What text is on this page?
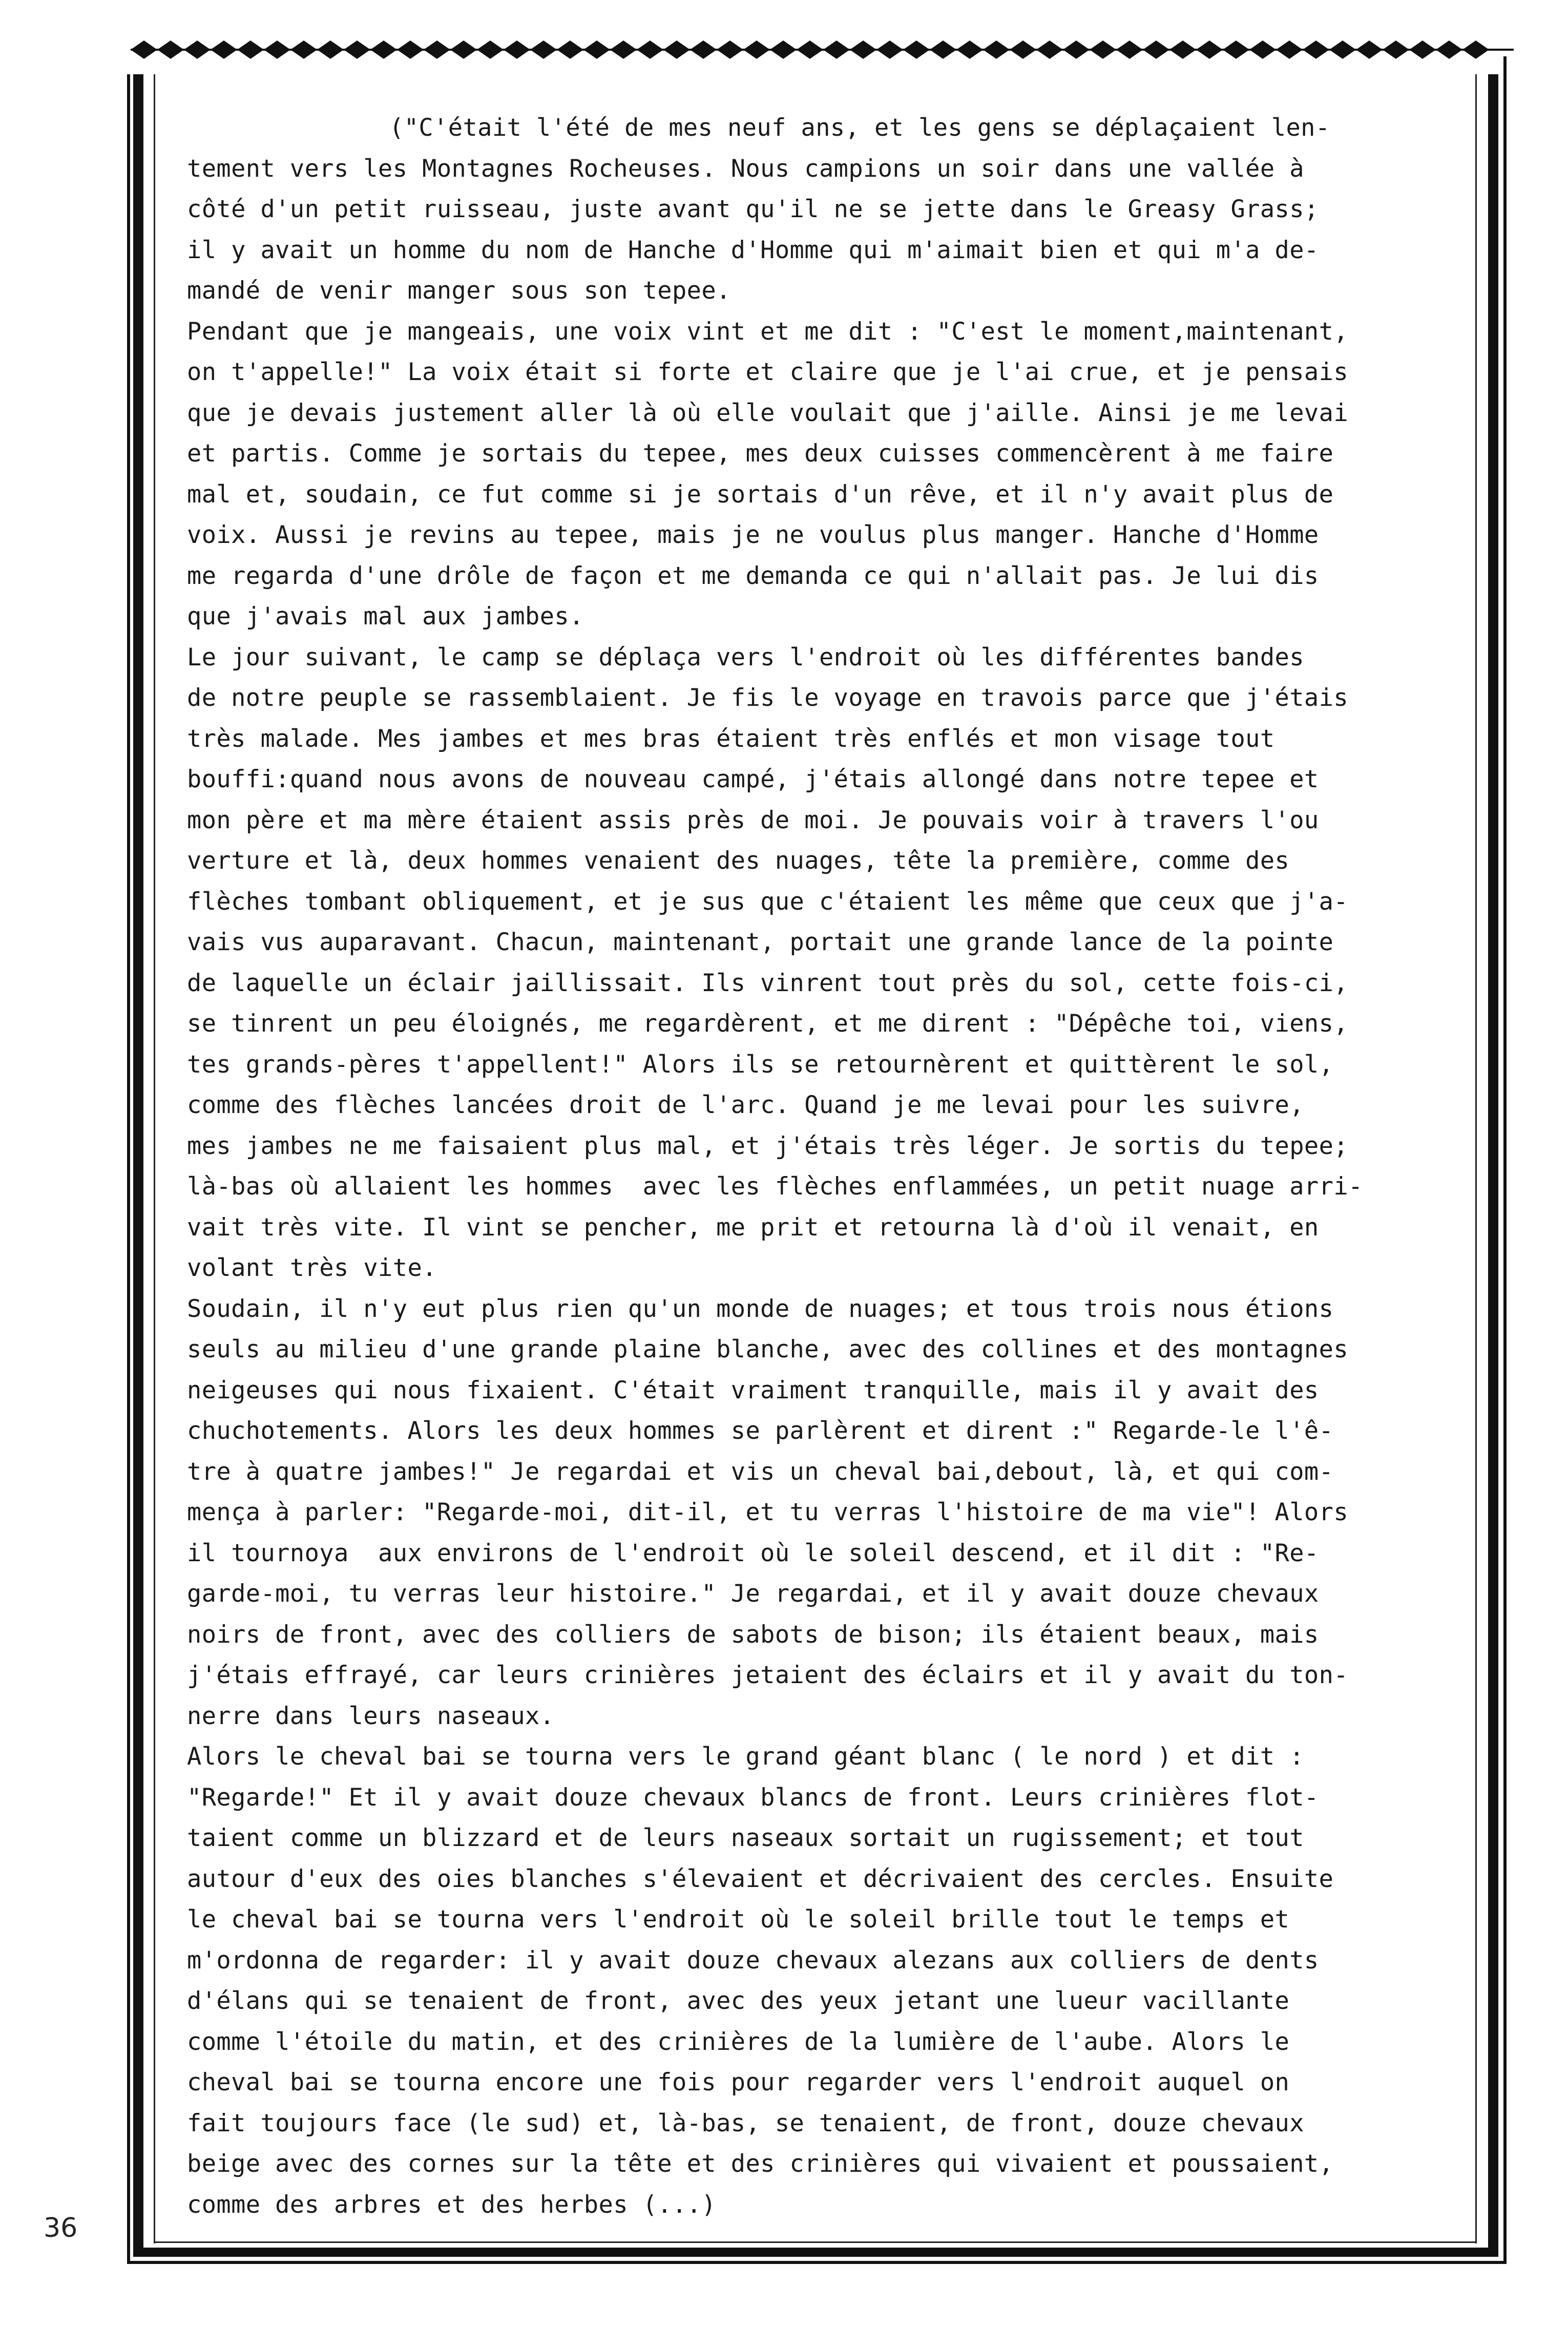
("C'était l'été de mes neuf ans, et les gens se déplaçaient len-
tement vers les Montagnes Rocheuses. Nous campions un soir dans une vallée à
côté d'un petit ruisseau, juste avant qu'il ne se jette dans le Greasy Grass;
il y avait un homme du nom de Hanche d'Homme qui m'aimait bien et qui m'a de-
mandé de venir manger sous son tepee.
Pendant que je mangeais, une voix vint et me dit : "C'est le moment,maintenant,
on t'appelle!" La voix était si forte et claire que je l'ai crue, et je pensais
que je devais justement aller là où elle voulait que j'aille. Ainsi je me levai
et partis. Comme je sortais du tepee, mes deux cuisses commencèrent à me faire
mal et, soudain, ce fut comme si je sortais d'un rêve, et il n'y avait plus de
voix. Aussi je revins au tepee, mais je ne voulus plus manger. Hanche d'Homme
me regarda d'une drôle de façon et me demanda ce qui n'allait pas. Je lui dis
que j'avais mal aux jambes.
Le jour suivant, le camp se déplaça vers l'endroit où les différentes bandes
de notre peuple se rassemblaient. Je fis le voyage en travois parce que j'étais
très malade. Mes jambes et mes bras étaient très enflés et mon visage tout
bouffi:quand nous avons de nouveau campé, j'étais allongé dans notre tepee et
mon père et ma mère étaient assis près de moi. Je pouvais voir à travers l'ou
verture et là, deux hommes venaient des nuages, tête la première, comme des
flèches tombant obliquement, et je sus que c'étaient les même que ceux que j'a-
vais vus auparavant. Chacun, maintenant, portait une grande lance de la pointe
de laquelle un éclair jaillissait. Ils vinrent tout près du sol, cette fois-ci,
se tinrent un peu éloignés, me regardèrent, et me dirent : "Dépêche toi, viens,
tes grands-pères t'appellent!" Alors ils se retournèrent et quittèrent le sol,
comme des flèches lancées droit de l'arc. Quand je me levai pour les suivre,
mes jambes ne me faisaient plus mal, et j'étais très léger. Je sortis du tepee;
là-bas où allaient les hommes  avec les flèches enflammées, un petit nuage arri-
vait très vite. Il vint se pencher, me prit et retourna là d'où il venait, en
volant très vite.
Soudain, il n'y eut plus rien qu'un monde de nuages; et tous trois nous étions
seuls au milieu d'une grande plaine blanche, avec des collines et des montagnes
neigeuses qui nous fixaient. C'était vraiment tranquille, mais il y avait des
chuchotements. Alors les deux hommes se parlèrent et dirent :" Regarde-le l'ê-
tre à quatre jambes!" Je regardai et vis un cheval bai,debout, là, et qui com-
mença à parler: "Regarde-moi, dit-il, et tu verras l'histoire de ma vie"! Alors
il tournoya  aux environs de l'endroit où le soleil descend, et il dit : "Re-
garde-moi, tu verras leur histoire." Je regardai, et il y avait douze chevaux
noirs de front, avec des colliers de sabots de bison; ils étaient beaux, mais
j'étais effrayé, car leurs crinières jetaient des éclairs et il y avait du ton-
nerre dans leurs naseaux.
Alors le cheval bai se tourna vers le grand géant blanc ( le nord ) et dit :
"Regarde!" Et il y avait douze chevaux blancs de front. Leurs crinières flot-
taient comme un blizzard et de leurs naseaux sortait un rugissement; et tout
autour d'eux des oies blanches s'élevaient et décrivaient des cercles. Ensuite
le cheval bai se tourna vers l'endroit où le soleil brille tout le temps et
m'ordonna de regarder: il y avait douze chevaux alezans aux colliers de dents
d'élans qui se tenaient de front, avec des yeux jetant une lueur vacillante
comme l'étoile du matin, et des crinières de la lumière de l'aube. Alors le
cheval bai se tourna encore une fois pour regarder vers l'endroit auquel on
fait toujours face (le sud) et, là-bas, se tenaient, de front, douze chevaux
beige avec des cornes sur la tête et des crinières qui vivaient et poussaient,
comme des arbres et des herbes (...)
36
